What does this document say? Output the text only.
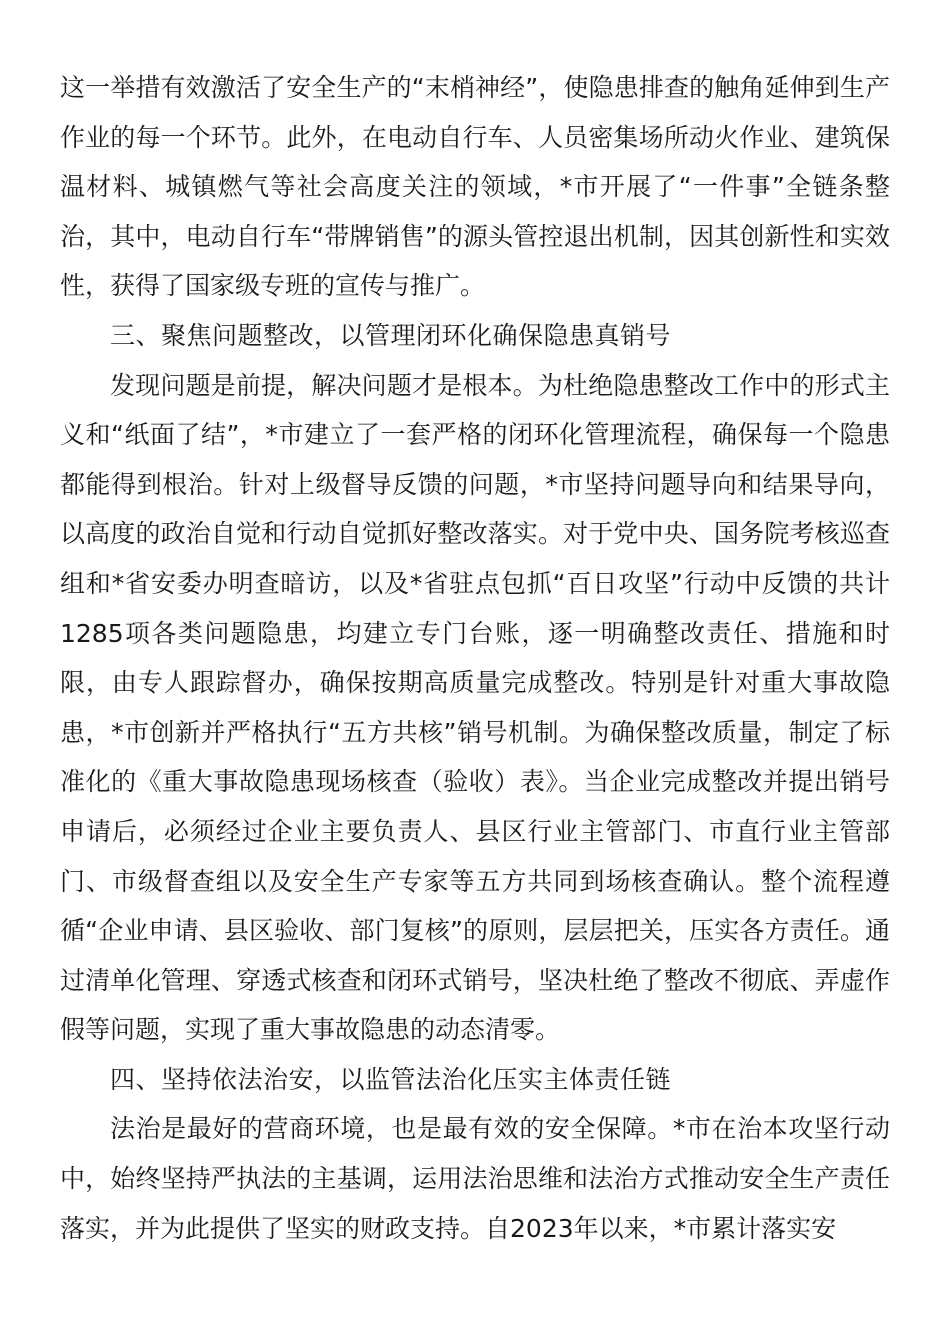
这一举措有效激活了安全生产的“末梢神经”，使隐患排查的触角延伸到生产作业的每一个环节。此外，在电动自行车、人员密集场所动火作业、建筑保温材料、城镇燃气等社会高度关注的领域，*市开展了“一件事”全链条整治，其中，电动自行车“带牌销售”的源头管控退出机制，因其创新性和实效性，获得了国家级专班的宣传与推广。

三、聚焦问题整改，以管理闭环化确保隐患真销号

发现问题是前提，解决问题才是根本。为杜绝隐患整改工作中的形式主义和“纸面了结”，*市建立了一套严格的闭环化管理流程，确保每一个隐患都能得到根治。针对上级督导反馈的问题，*市坚持问题导向和结果导向，以高度的政治自觉和行动自觉抓好整改落实。对于党中央、国务院考核巡查组和*省安委办明查暗访，以及*省驻点包抓“百日攻坚”行动中反馈的共计1285项各类问题隐患，均建立专门台账，逐一明确整改责任、措施和时限，由专人跟踪督办，确保按期高质量完成整改。特别是针对重大事故隐患，*市创新并严格执行“五方共核”销号机制。为确保整改质量，制定了标准化的《重大事故隐患现场核查（验收）表》。当企业完成整改并提出销号申请后，必须经过企业主要负责人、县区行业主管部门、市直行业主管部门、市级督查组以及安全生产专家等五方共同到场核查确认。整个流程遵循“企业申请、县区验收、部门复核”的原则，层层把关，压实各方责任。通过清单化管理、穿透式核查和闭环式销号，坚决杜绝了整改不彻底、弄虚作假等问题，实现了重大事故隐患的动态清零。

四、坚持依法治安，以监管法治化压实主体责任链

法治是最好的营商环境，也是最有效的安全保障。*市在治本攻坚行动中，始终坚持严执法的主基调，运用法治思维和法治方式推动安全生产责任落实，并为此提供了坚实的财政支持。自2023年以来，*市累计落实安
